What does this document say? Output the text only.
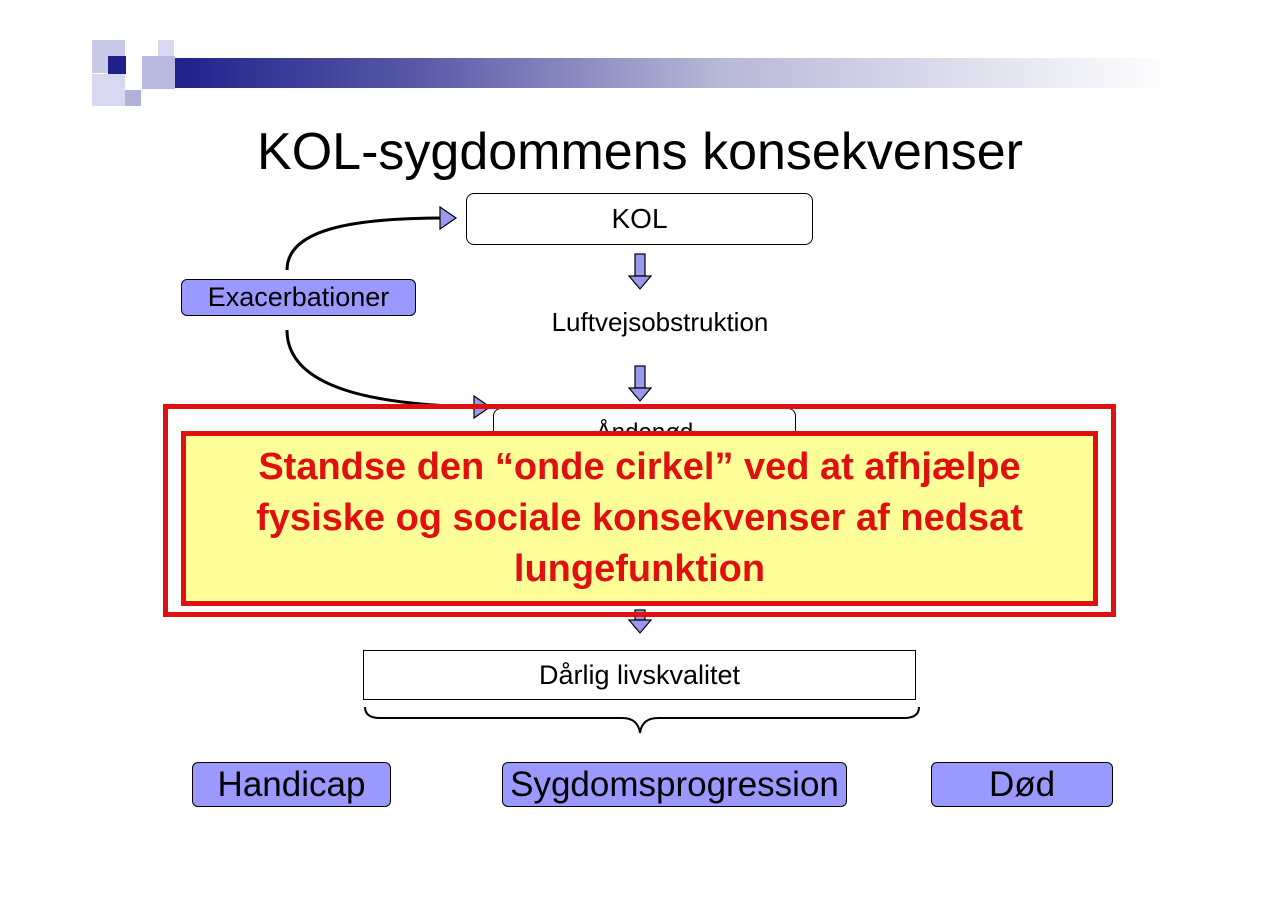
KOL-sygdommens konsekvenser
KOL
Exacerbationer
Luftvejsobstruktion
Standse den “onde cirkel” ved at afhjælpe fysiske og sociale konsekvenser af nedsat lungefunktion
Dårlig livskvalitet
Handicap	Sygdomsprogression	Død
